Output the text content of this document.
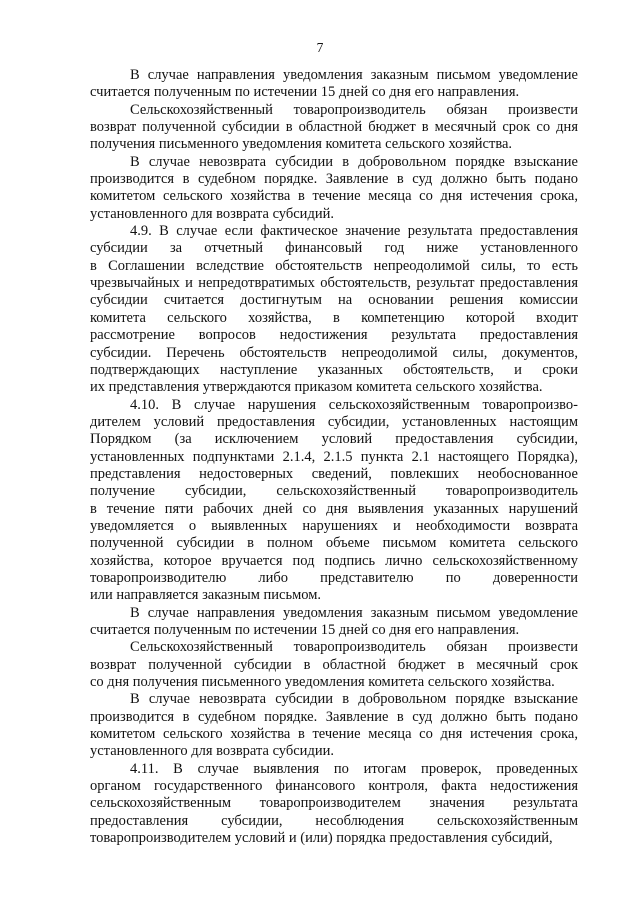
7
В случае направления уведомления заказным письмом уведомление
считается полученным по истечении 15 дней со дня его направления.
Сельскохозяйственный товаропроизводитель обязан произвести
возврат полученной субсидии в областной бюджет в месячный срок со дня
получения письменного уведомления комитета сельского хозяйства.
В случае невозврата субсидии в добровольном порядке взыскание
производится в судебном порядке. Заявление в суд должно быть подано
комитетом сельского хозяйства в течение месяца со дня истечения срока,
установленного для возврата субсидий.
4.9. В случае если фактическое значение результата предоставления
субсидии за отчетный финансовый год ниже установленного
в Соглашении вследствие обстоятельств непреодолимой силы, то есть
чрезвычайных и непредотвратимых обстоятельств, результат предоставления
субсидии считается достигнутым на основании решения комиссии
комитета сельского хозяйства, в компетенцию которой входит
рассмотрение вопросов недостижения результата предоставления
субсидии. Перечень обстоятельств непреодолимой силы, документов,
подтверждающих наступление указанных обстоятельств, и сроки
их представления утверждаются приказом комитета сельского хозяйства.
4.10. В случае нарушения сельскохозяйственным товаропроизво-
дителем условий предоставления субсидии, установленных настоящим
Порядком (за исключением условий предоставления субсидии,
установленных подпунктами 2.1.4, 2.1.5 пункта 2.1 настоящего Порядка),
представления недостоверных сведений, повлекших необоснованное
получение субсидии, сельскохозяйственный товаропроизводитель
в течение пяти рабочих дней со дня выявления указанных нарушений
уведомляется о выявленных нарушениях и необходимости возврата
полученной субсидии в полном объеме письмом комитета сельского
хозяйства, которое вручается под подпись лично сельскохозяйственному
товаропроизводителю либо представителю по доверенности
или направляется заказным письмом.
В случае направления уведомления заказным письмом уведомление
считается полученным по истечении 15 дней со дня его направления.
Сельскохозяйственный товаропроизводитель обязан произвести
возврат полученной субсидии в областной бюджет в месячный срок
со дня получения письменного уведомления комитета сельского хозяйства.
В случае невозврата субсидии в добровольном порядке взыскание
производится в судебном порядке. Заявление в суд должно быть подано
комитетом сельского хозяйства в течение месяца со дня истечения срока,
установленного для возврата субсидии.
4.11. В случае выявления по итогам проверок, проведенных
органом государственного финансового контроля, факта недостижения
сельскохозяйственным товаропроизводителем значения результата
предоставления субсидии, несоблюдения сельскохозяйственным
товаропроизводителем условий и (или) порядка предоставления субсидий,
